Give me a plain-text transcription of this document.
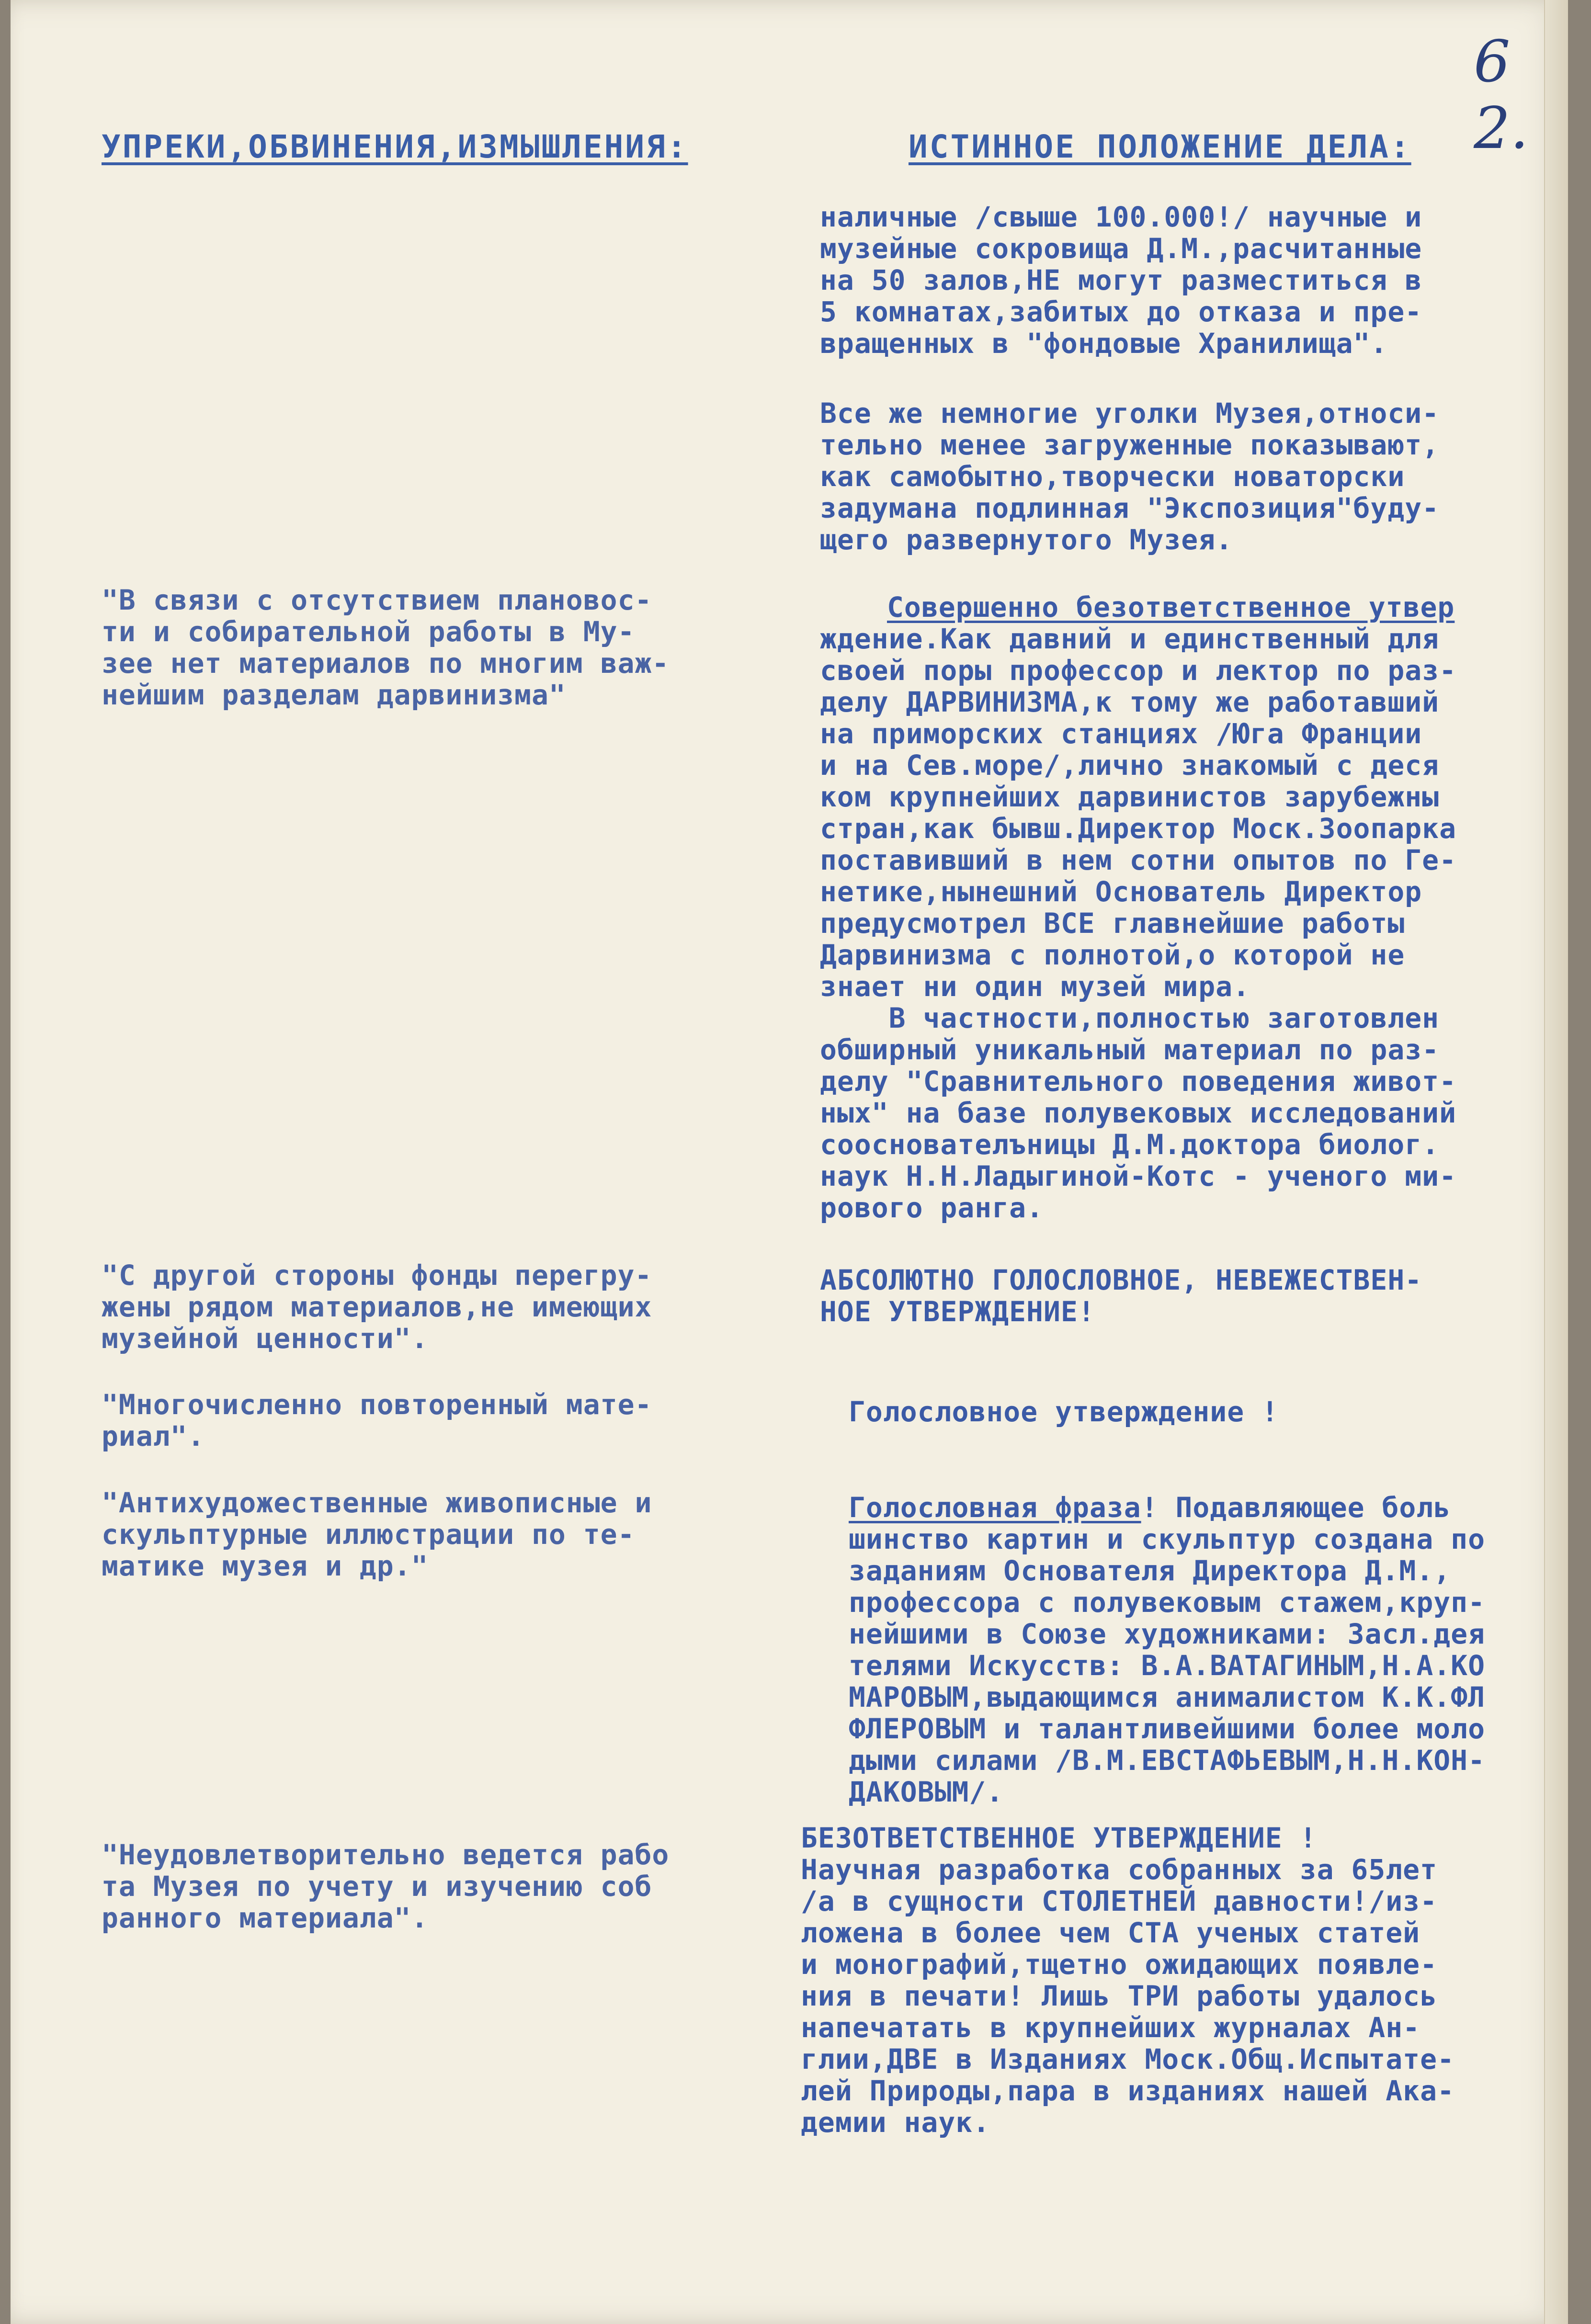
6 2.
УПРЕКИ,ОБВИНЕНИЯ,ИЗМЫШЛЕНИЯ:	ИСТИННОЕ ПОЛОЖЕНИЕ ДЕЛА:
наличные /свыше 100.000!/ научные и
музейные сокровища Д.М.,расчитанные
на 50 залов,НЕ могут разместиться в
5 комнатах,забитых до отказа и пре-
вращенных в "фондовые Хранилища".
Все же немногие уголки Музея,относи-
тельно менее загруженные показывают,
как самобытно,творчески новаторски
задумана подлинная "Экспозиция"буду-
щего развернутого Музея.
Совершенно безответственное утвер
ждение.Как давний и единственный для
своей поры профессор и лектор по раз-
делу ДАРВИНИЗМА,к тому же работавший
на приморских станциях /Юга Франции
и на Сев.море/,лично знакомый с деся
ком крупнейших дарвинистов зарубежны
стран,как бывш.Директор Моск.Зоопарка
поставивший в нем сотни опытов по Ге-
нетике,нынешний Основатель Директор
предусмотрел ВСЕ главнейшие работы
Дарвинизма с полнотой,о которой не
знает ни один музей мира.
В частности,полностью заготовлен
обширный уникальный материал по раз-
делу "Сравнительного поведения живот-
ных" на базе полувековых исследований
сооснователъницы Д.М.доктора биолог.
наук Н.Н.Ладыгиной-Котс - ученого ми-
рового ранга.
АБСОЛЮТНО ГОЛОСЛОВНОЕ, НЕВЕЖЕСТВЕН-
НОЕ УТВЕРЖДЕНИЕ!
Голословное утверждение !
Голословная фраза! Подавляющее боль
шинство картин и скульптур создана по
заданиям Основателя Директора Д.М.,
профессора с полувековым стажем,круп-
нейшими в Союзе художниками: Засл.дея
телями Искусств: В.А.ВАТАГИНЫМ,Н.А.КО
МАРОВЫМ,выдающимся анималистом К.К.ФЛ
ФЛЕРОВЫМ и талантливейшими более моло
дыми силами /В.М.ЕВСТАФЬЕВЫМ,Н.Н.КОН-
ДАКОВЫМ/.
БЕЗОТВЕТСТВЕННОЕ УТВЕРЖДЕНИЕ !
Научная разработка собранных за 65лет
/а в сущности СТОЛЕТНЕЙ давности!/из-
ложена в более чем СТА ученых статей
и монографий,тщетно ожидающих появле-
ния в печати! Лишь ТРИ работы удалось
напечатать в крупнейших журналах Ан-
глии,ДВЕ в Изданиях Моск.Общ.Испытате-
лей Природы,пара в изданиях нашей Ака-
демии наук.
"В связи с отсутствием плановос-
ти и собирательной работы в Му-
зее нет материалов по многим важ-
нейшим разделам дарвинизма"
"С другой стороны фонды перегру-
жены рядом материалов,не имеющих
музейной ценности".
"Многочисленно повторенный мате-
риал".
"Антихудожественные живописные и
скульптурные иллюстрации по те-
матике музея и др."
"Неудовлетворительно ведется рабо
та Музея по учету и изучению соб
ранного материала".
